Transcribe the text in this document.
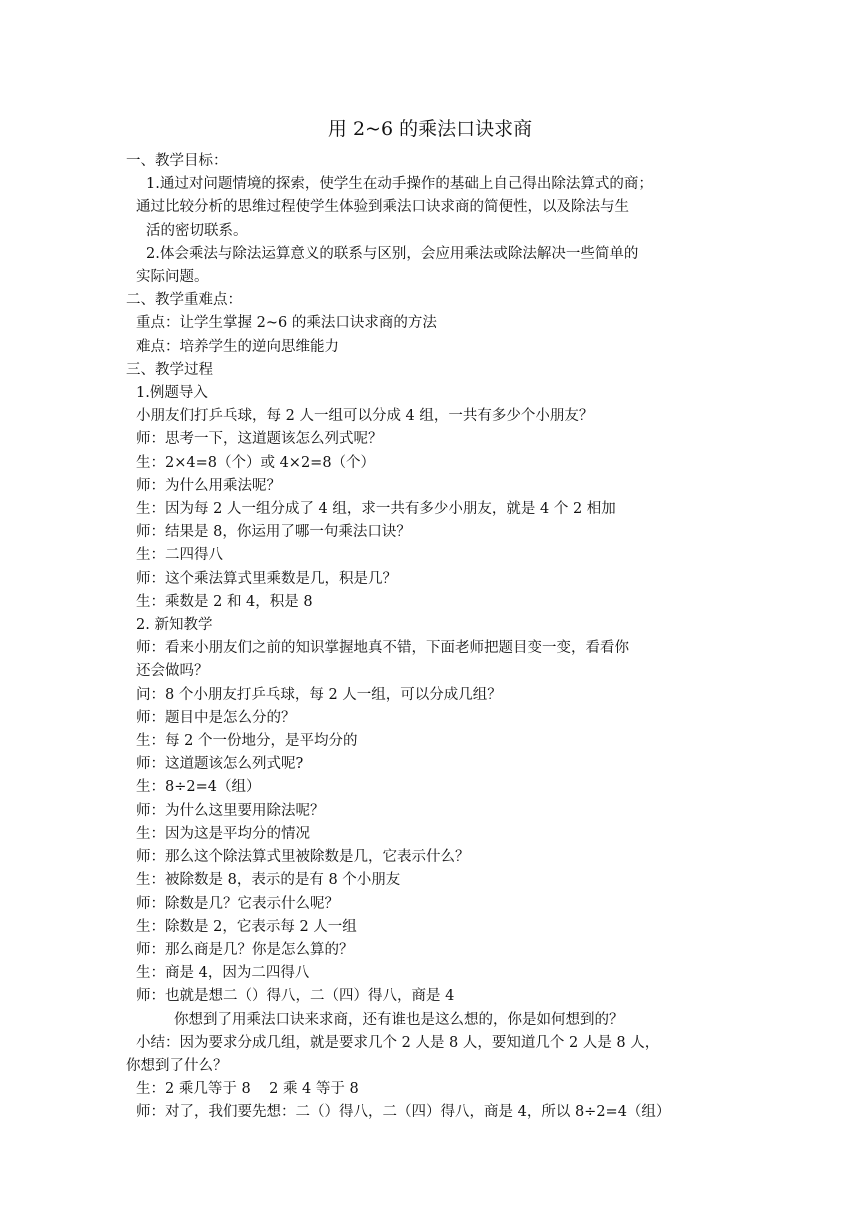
用 2~6 的乘法口诀求商

一、教学目标：

1.通过对问题情境的探索，使学生在动手操作的基础上自己得出除法算式的商；

通过比较分析的思维过程使学生体验到乘法口诀求商的简便性，以及除法与生

活的密切联系。

2.体会乘法与除法运算意义的联系与区别，会应用乘法或除法解决一些简单的

实际问题。

二、教学重难点：

重点：让学生掌握 2~6 的乘法口诀求商的方法

难点：培养学生的逆向思维能力

三、教学过程

1.例题导入

小朋友们打乒乓球，每 2 人一组可以分成 4 组，一共有多少个小朋友？

师：思考一下，这道题该怎么列式呢？

生：2×4=8（个）或 4×2=8（个）

师：为什么用乘法呢？

生：因为每 2 人一组分成了 4 组，求一共有多少小朋友，就是 4 个 2 相加

师：结果是 8，你运用了哪一句乘法口诀？

生：二四得八

师：这个乘法算式里乘数是几，积是几？

生：乘数是 2 和 4，积是 8

2. 新知教学

师：看来小朋友们之前的知识掌握地真不错，下面老师把题目变一变，看看你

还会做吗？

问：8 个小朋友打乒乓球，每 2 人一组，可以分成几组？

师：题目中是怎么分的？

生：每 2 个一份地分，是平均分的

师：这道题该怎么列式呢?

生：8÷2=4（组）

师：为什么这里要用除法呢？

生：因为这是平均分的情况

师：那么这个除法算式里被除数是几，它表示什么？

生：被除数是 8，表示的是有 8 个小朋友

师：除数是几？它表示什么呢？

生：除数是 2，它表示每 2 人一组

师：那么商是几？你是怎么算的？

生：商是 4，因为二四得八

师：也就是想二（）得八，二（四）得八，商是 4

你想到了用乘法口诀来求商，还有谁也是这么想的，你是如何想到的？

小结：因为要求分成几组，就是要求几个 2 人是 8 人，要知道几个 2 人是 8 人，

你想到了什么？

生：2 乘几等于 8    2 乘 4 等于 8

师：对了，我们要先想：二（）得八，二（四）得八，商是 4，所以 8÷2=4（组）
